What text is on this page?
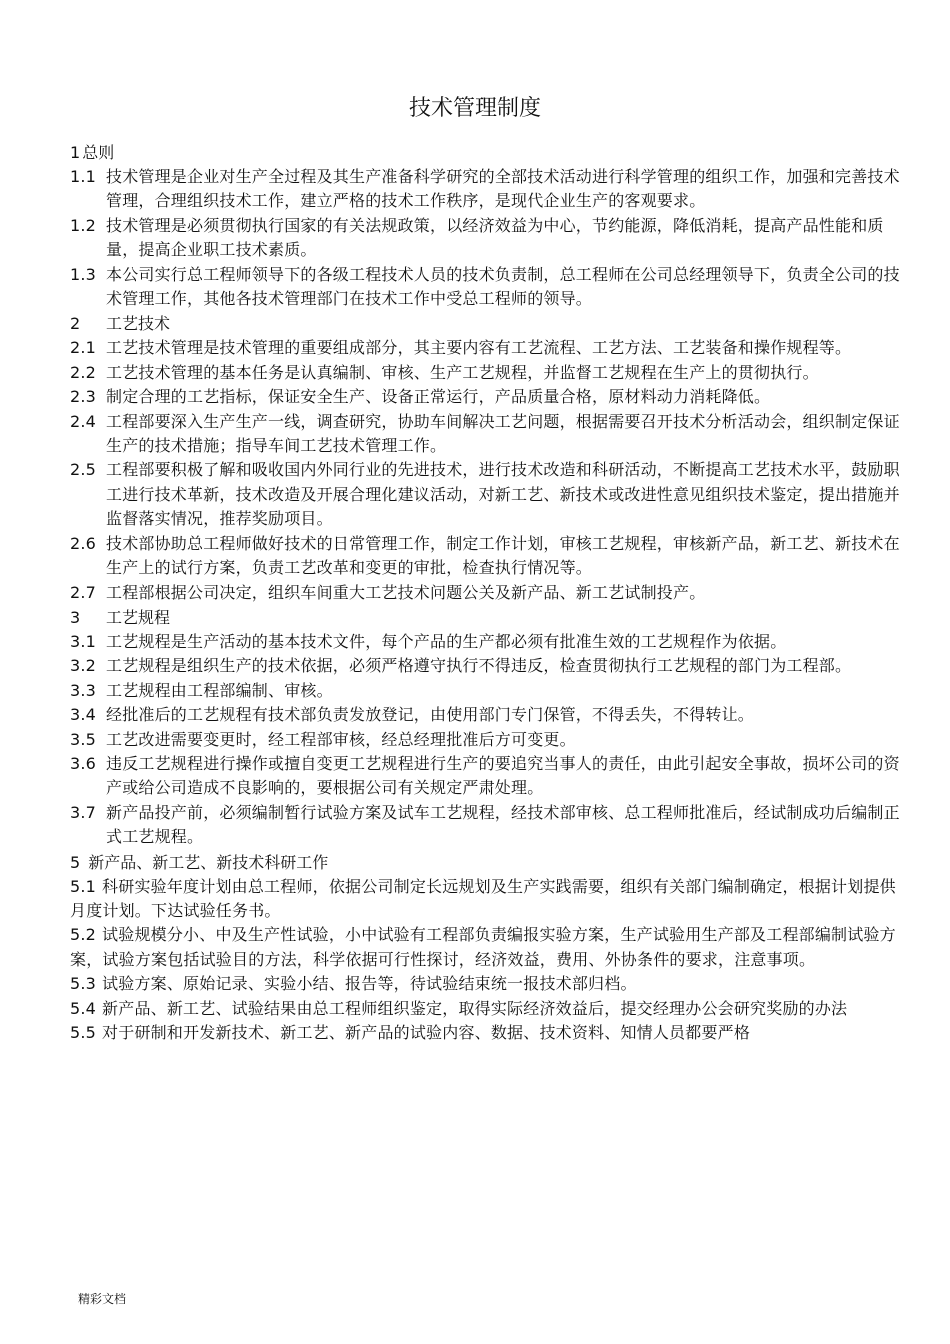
技术管理制度
1 总则
1.1 技术管理是企业对生产全过程及其生产准备科学研究的全部技术活动进行科学管理的组织工作，加强和完善技术管理，合理组织技术工作，建立严格的技术工作秩序，是现代企业生产的客观要求。
1.2 技术管理是必须贯彻执行国家的有关法规政策，以经济效益为中心，节约能源，降低消耗，提高产品性能和质量，提高企业职工技术素质。
1.3 本公司实行总工程师领导下的各级工程技术人员的技术负责制，总工程师在公司总经理领导下，负责全公司的技术管理工作，其他各技术管理部门在技术工作中受总工程师的领导。
2 工艺技术
2.1 工艺技术管理是技术管理的重要组成部分，其主要内容有工艺流程、工艺方法、工艺装备和操作规程等。
2.2 工艺技术管理的基本任务是认真编制、审核、生产工艺规程，并监督工艺规程在生产上的贯彻执行。
2.3 制定合理的工艺指标，保证安全生产、设备正常运行，产品质量合格，原材料动力消耗降低。
2.4 工程部要深入生产生产一线，调查研究，协助车间解决工艺问题，根据需要召开技术分析活动会，组织制定保证生产的技术措施；指导车间工艺技术管理工作。
2.5 工程部要积极了解和吸收国内外同行业的先进技术，进行技术改造和科研活动，不断提高工艺技术水平，鼓励职工进行技术革新，技术改造及开展合理化建议活动，对新工艺、新技术或改进性意见组织技术鉴定，提出措施并监督落实情况，推荐奖励项目。
2.6 技术部协助总工程师做好技术的日常管理工作，制定工作计划，审核工艺规程，审核新产品，新工艺、新技术在生产上的试行方案，负责工艺改革和变更的审批，检查执行情况等。
2.7 工程部根据公司决定，组织车间重大工艺技术问题公关及新产品、新工艺试制投产。
3 工艺规程
3.1 工艺规程是生产活动的基本技术文件，每个产品的生产都必须有批准生效的工艺规程作为依据。
3.2 工艺规程是组织生产的技术依据，必须严格遵守执行不得违反，检查贯彻执行工艺规程的部门为工程部。
3.3 工艺规程由工程部编制、审核。
3.4 经批准后的工艺规程有技术部负责发放登记，由使用部门专门保管，不得丢失，不得转让。
3.5 工艺改进需要变更时，经工程部审核，经总经理批准后方可变更。
3.6 违反工艺规程进行操作或擅自变更工艺规程进行生产的要追究当事人的责任，由此引起安全事故，损坏公司的资产或给公司造成不良影响的，要根据公司有关规定严肃处理。
3.7 新产品投产前，必须编制暂行试验方案及试车工艺规程，经技术部审核、总工程师批准后，经试制成功后编制正式工艺规程。
5 新产品、新工艺、新技术科研工作
5.1 科研实验年度计划由总工程师，依据公司制定长远规划及生产实践需要，组织有关部门编制确定，根据计划提供月度计划。下达试验任务书。
5.2 试验规模分小、中及生产性试验，小中试验有工程部负责编报实验方案，生产试验用生产部及工程部编制试验方案，试验方案包括试验目的方法，科学依据可行性探讨，经济效益，费用、外协条件的要求，注意事项。
5.3 试验方案、原始记录、实验小结、报告等，待试验结束统一报技术部归档。
5.4 新产品、新工艺、试验结果由总工程师组织鉴定，取得实际经济效益后，提交经理办公会研究奖励的办法
5.5 对于研制和开发新技术、新工艺、新产品的试验内容、数据、技术资料、知情人员都要严格
精彩文档
